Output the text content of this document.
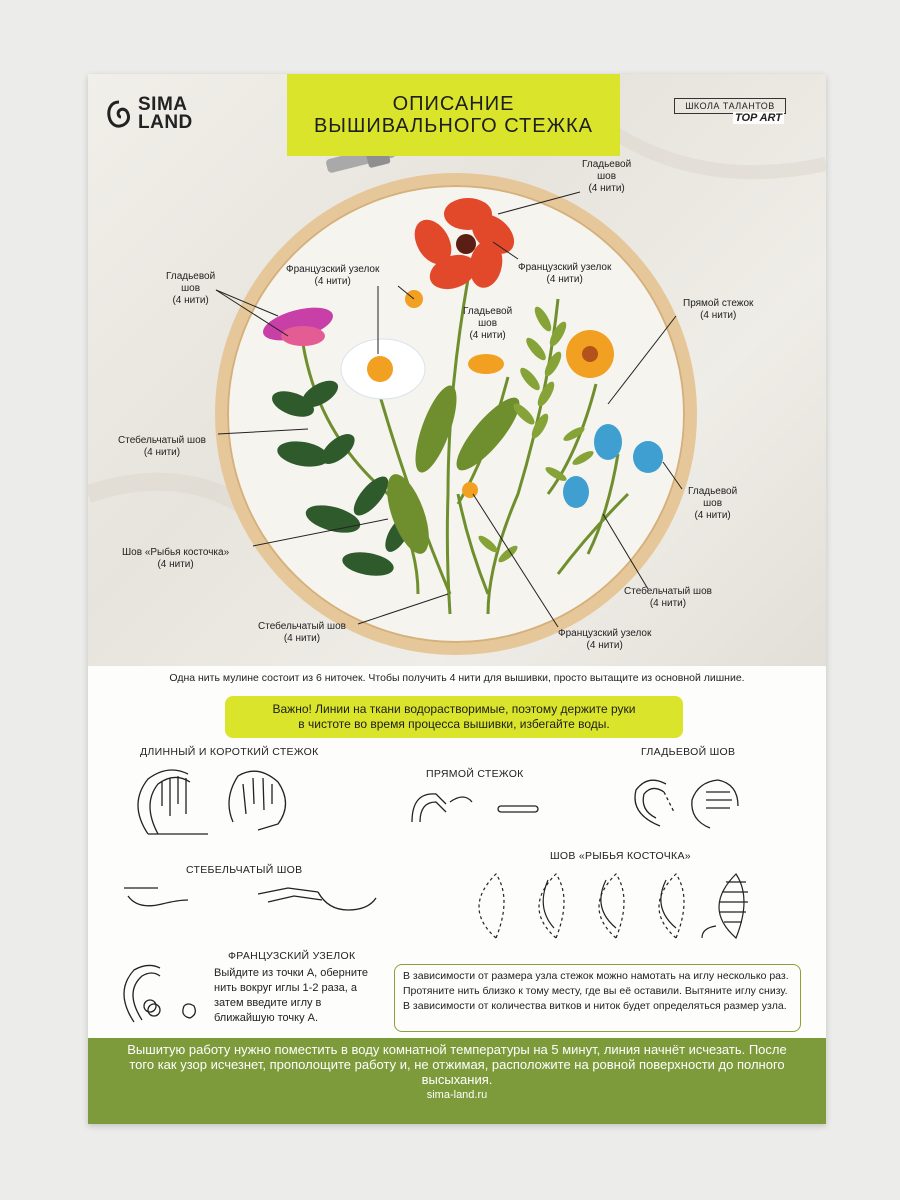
SIMA
LAND
ОПИСАНИЕ
ВЫШИВАЛЬНОГО СТЕЖКА
ШКОЛА ТАЛАНТОВ
TOP ART
Гладьевой
шов
(4 нити)
Гладьевой
шов
(4 нити)
Французский узелок
(4 нити)
Французский узелок
(4 нити)
Гладьевой
шов
(4 нити)
Прямой стежок
(4 нити)
Стебельчатый шов
(4 нити)
Гладьевой
шов
(4 нити)
Шов «Рыбья косточка»
(4 нити)
Стебельчатый шов
(4 нити)
Стебельчатый шов
(4 нити)	Французский узелок
(4 нити)
Одна нить мулине состоит из 6 ниточек. Чтобы получить 4 нити для вышивки, просто вытащите из основной лишние.
Важно! Линии на ткани водорастворимые, поэтому держите руки
в чистоте во время процесса вышивки, избегайте воды.
ДЛИННЫЙ И КОРОТКИЙ СТЕЖОК
ПРЯМОЙ СТЕЖОК
ГЛАДЬЕВОЙ ШОВ
СТЕБЕЛЬЧАТЫЙ ШОВ
ШОВ «РЫБЬЯ КОСТОЧКА»
ФРАНЦУЗСКИЙ УЗЕЛОК
Выйдите из точки А, оберните нить вокруг иглы 1-2 раза, а затем введите иглу в ближайшую точку А.
В зависимости от размера узла стежок можно намотать на иглу несколько раз. Протяните нить близко к тому месту, где вы её оставили. Вытяните иглу снизу. В зависимости от количества витков и ниток будет определяться размер узла.
Вышитую работу нужно поместить в воду комнатной температуры на 5 минут, линия начнёт исчезать. После того как узор исчезнет, прополощите работу и, не отжимая, расположите на ровной поверхности до полного высыхания.
sima-land.ru
